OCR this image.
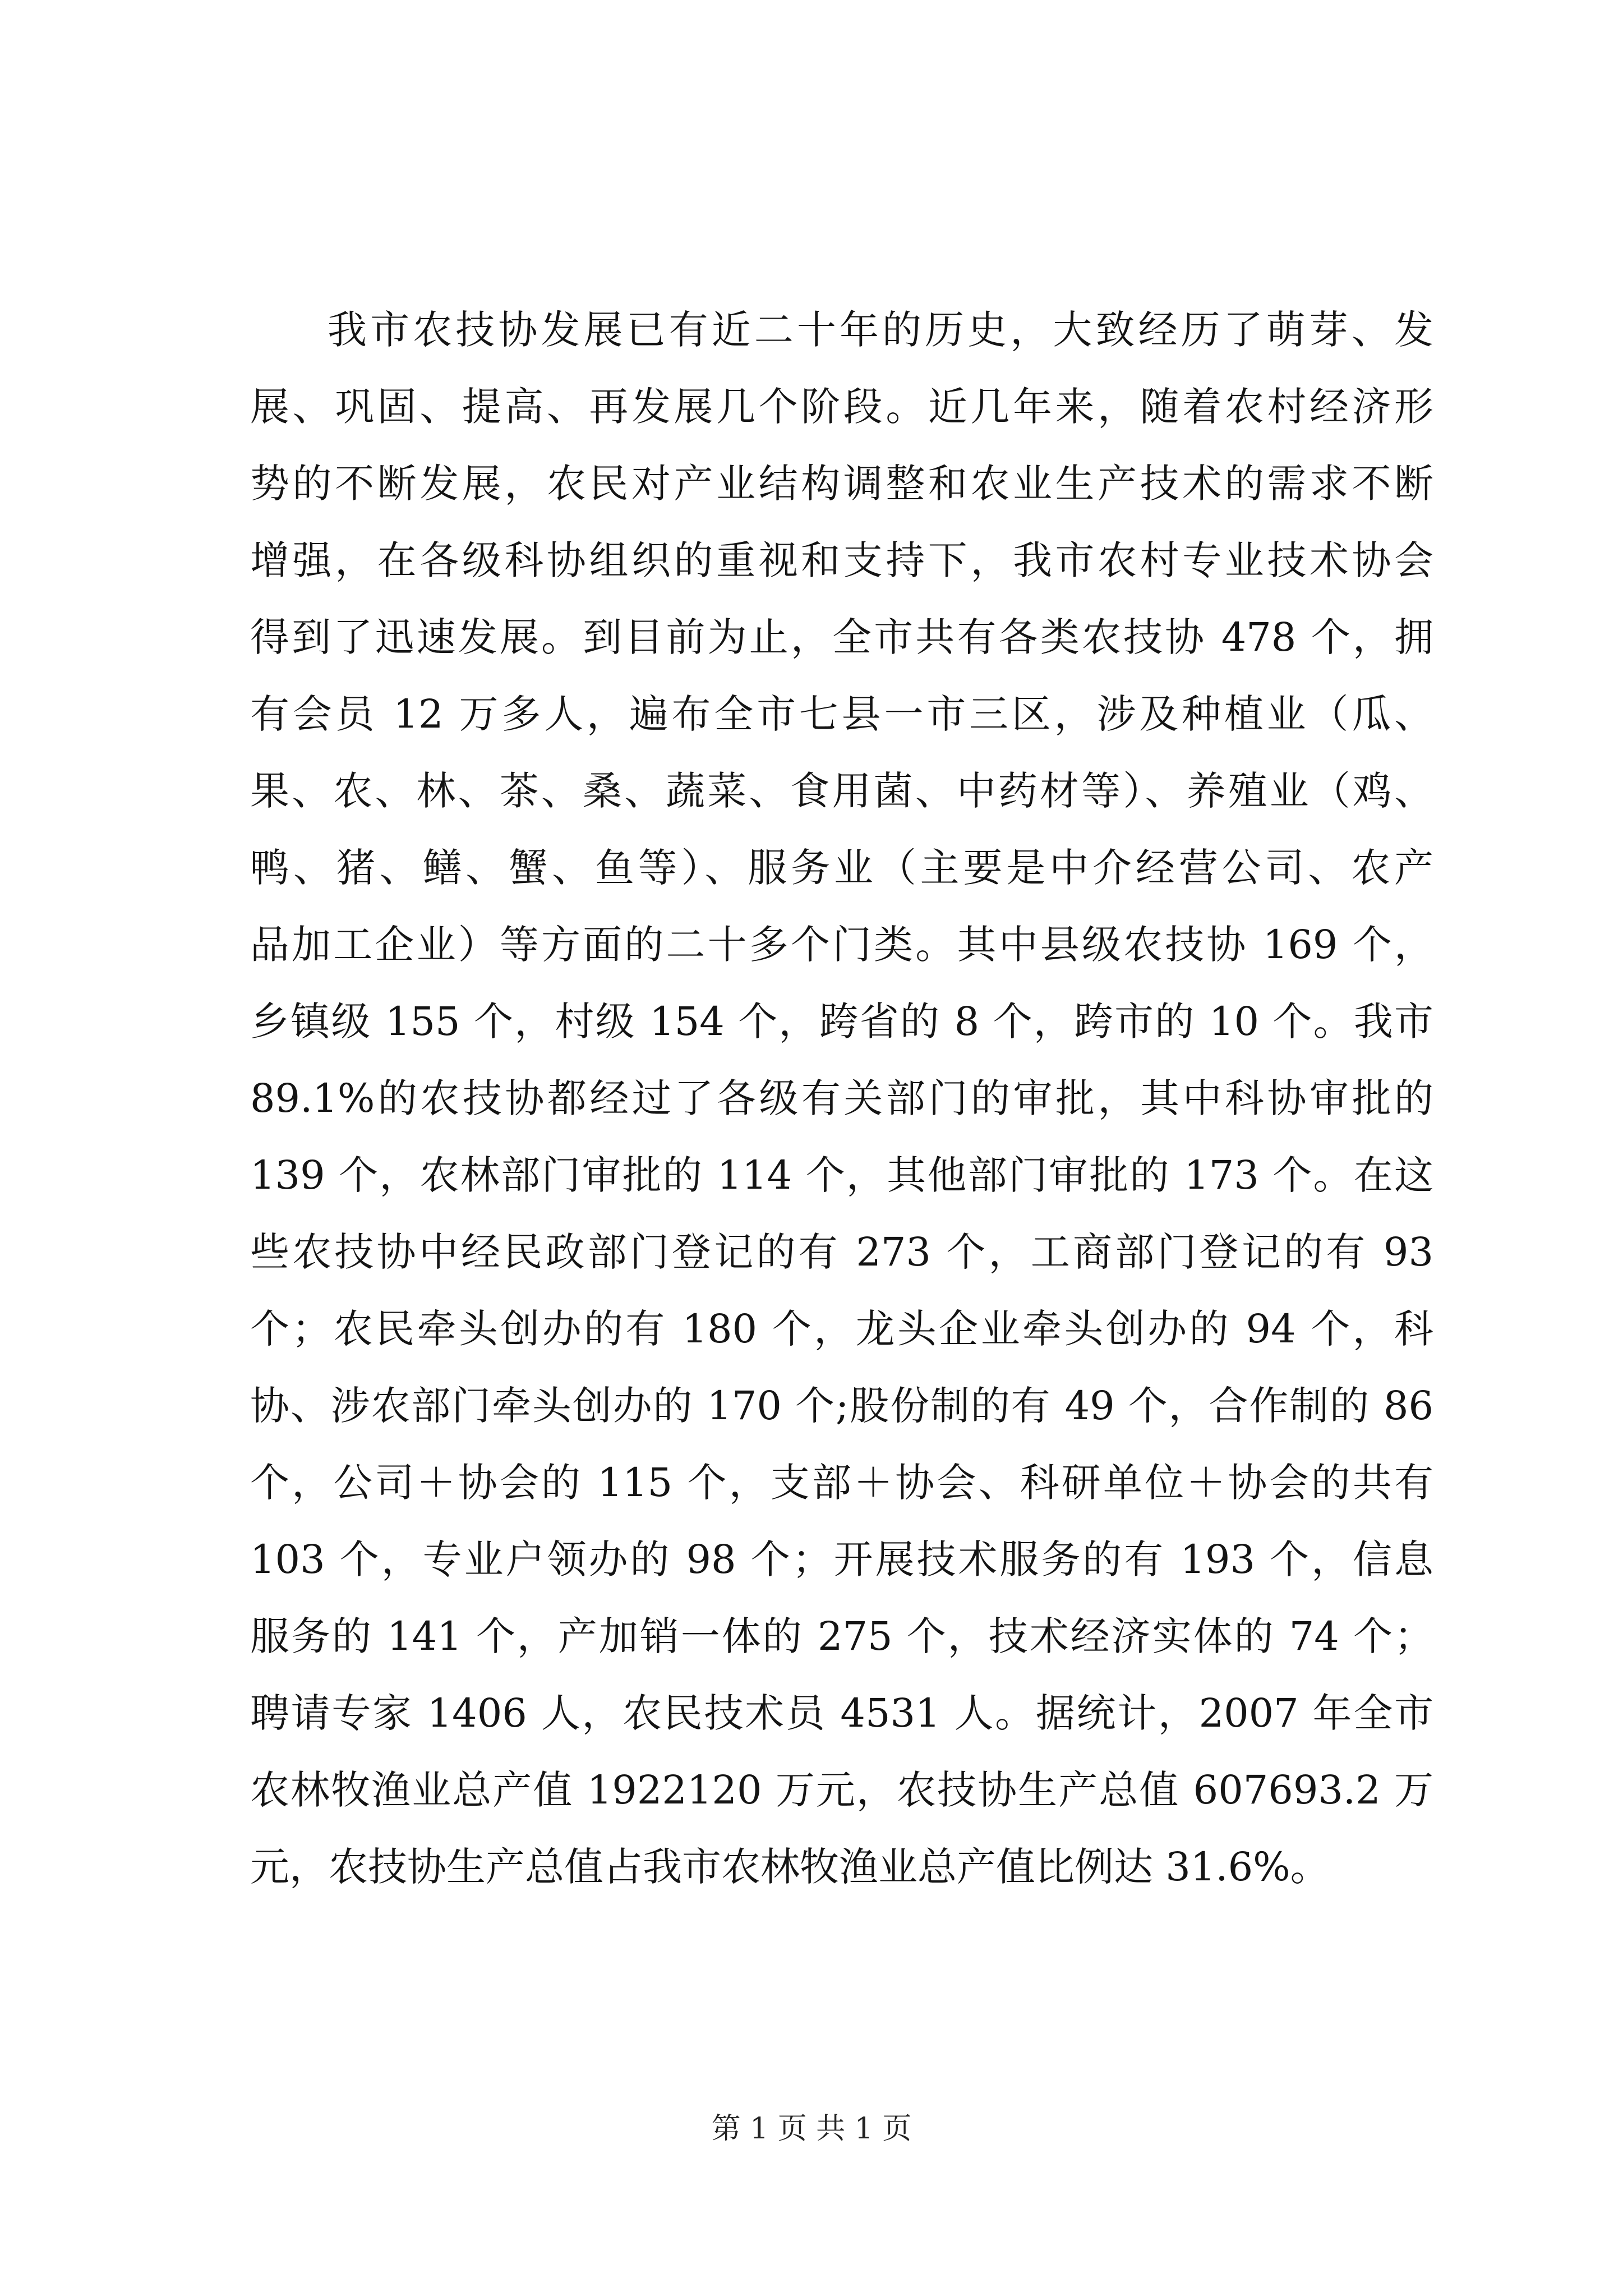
我市农技协发展已有近二十年的历史，大致经历了萌芽、发
展、巩固、提高、再发展几个阶段。近几年来，随着农村经济形
势的不断发展，农民对产业结构调整和农业生产技术的需求不断
增强，在各级科协组织的重视和支持下，我市农村专业技术协会
得到了迅速发展。到目前为止，全市共有各类农技协 478 个，拥
有会员 12 万多人，遍布全市七县一市三区，涉及种植业（瓜、
果、农、林、茶、桑、蔬菜、食用菌、中药材等）、养殖业（鸡、
鸭、猪、鳝、蟹、鱼等）、服务业（主要是中介经营公司、农产
品加工企业）等方面的二十多个门类。其中县级农技协 169 个，
乡镇级 155 个，村级 154 个，跨省的 8 个，跨市的 10 个。我市
89.1%的农技协都经过了各级有关部门的审批，其中科协审批的
139 个，农林部门审批的 114 个，其他部门审批的 173 个。在这
些农技协中经民政部门登记的有 273 个，工商部门登记的有 93
个；农民牵头创办的有 180 个，龙头企业牵头创办的 94 个，科
协、涉农部门牵头创办的 170 个;股份制的有 49 个，合作制的 86
个，公司＋协会的 115 个，支部＋协会、科研单位＋协会的共有
103 个，专业户领办的 98 个；开展技术服务的有 193 个，信息
服务的 141 个，产加销一体的 275 个，技术经济实体的 74 个；
聘请专家 1406 人，农民技术员 4531 人。据统计，2007 年全市
农林牧渔业总产值 1922120 万元，农技协生产总值 607693.2 万
元，农技协生产总值占我市农林牧渔业总产值比例达 31.6%。
第 1 页 共 1 页
